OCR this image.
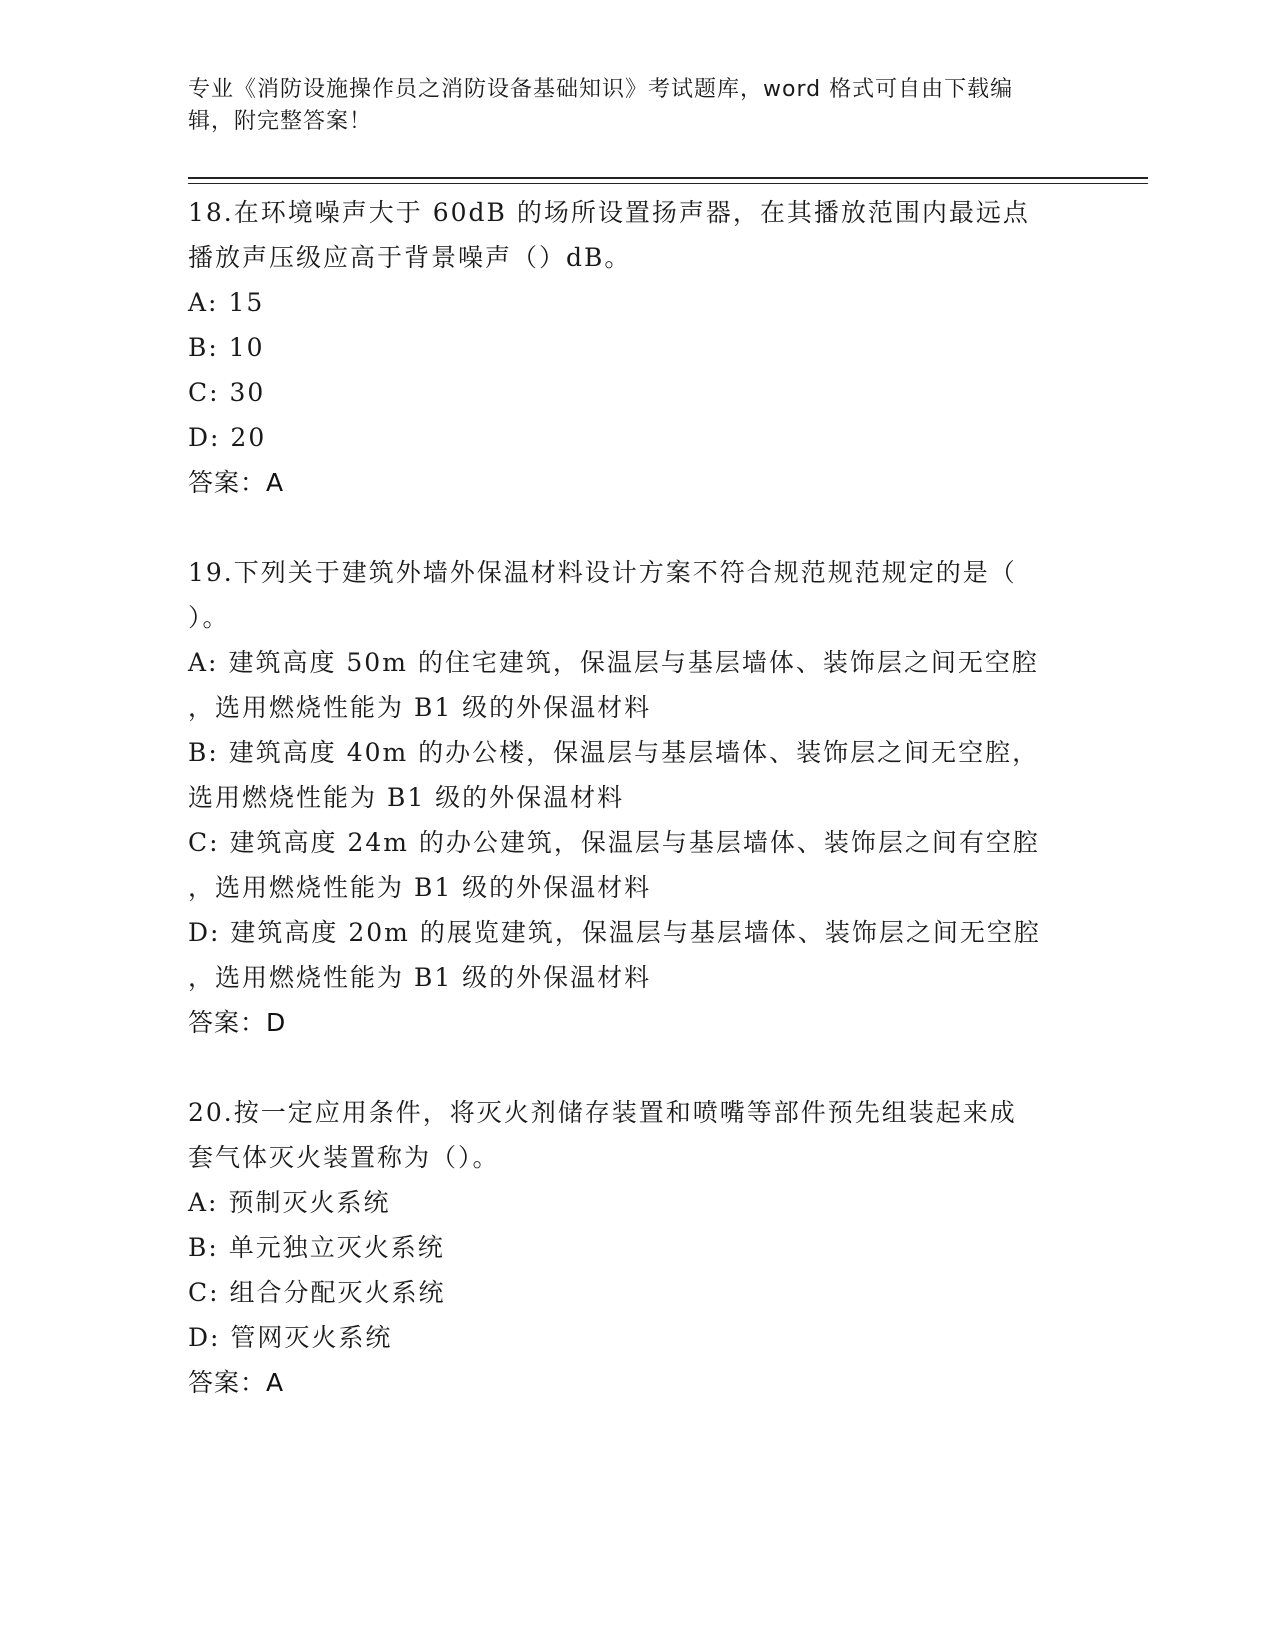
专业《消防设施操作员之消防设备基础知识》考试题库，word 格式可自由下载编
辑，附完整答案！
18.在环境噪声大于 60dB 的场所设置扬声器，在其播放范围内最远点
播放声压级应高于背景噪声（）dB。
A: 15
B: 10
C: 30
D: 20
答案：A
19.下列关于建筑外墙外保温材料设计方案不符合规范规范规定的是（
）。
A: 建筑高度 50m 的住宅建筑，保温层与基层墙体、装饰层之间无空腔
，选用燃烧性能为 B1 级的外保温材料
B: 建筑高度 40m 的办公楼，保温层与基层墙体、装饰层之间无空腔，
选用燃烧性能为 B1 级的外保温材料
C: 建筑高度 24m 的办公建筑，保温层与基层墙体、装饰层之间有空腔
，选用燃烧性能为 B1 级的外保温材料
D: 建筑高度 20m 的展览建筑，保温层与基层墙体、装饰层之间无空腔
，选用燃烧性能为 B1 级的外保温材料
答案：D
20.按一定应用条件，将灭火剂储存装置和喷嘴等部件预先组装起来成
套气体灭火装置称为（）。
A: 预制灭火系统
B: 单元独立灭火系统
C: 组合分配灭火系统
D: 管网灭火系统
答案：A
